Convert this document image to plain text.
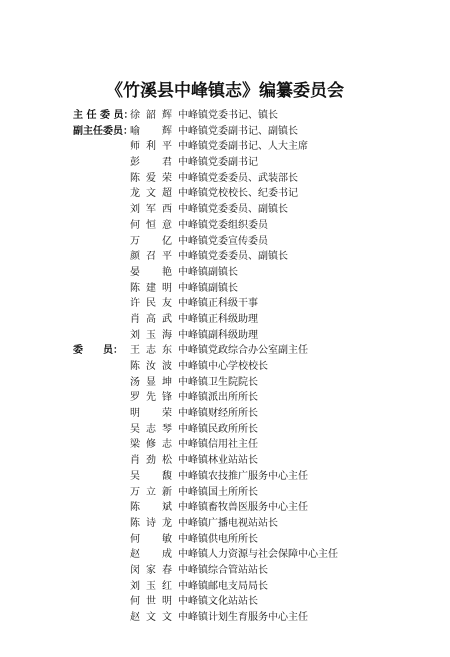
《竹溪县中峰镇志》编纂委员会
主 任 委 员：
徐韶辉 中峰镇党委书记、镇长
副主任委员：
喻 辉 中峰镇党委副书记、副镇长
师利平 中峰镇党委副书记、人大主席
彭 君 中峰镇党委副书记
陈爱荣 中峰镇党委委员、武装部长
龙文超 中峰镇党校校长、纪委书记
刘军西 中峰镇党委委员、副镇长
何恒意 中峰镇党委组织委员
万 亿 中峰镇党委宣传委员
颜召平 中峰镇党委委员、副镇长
晏 艳 中峰镇副镇长
陈建明 中峰镇副镇长
许民友 中峰镇正科级干事
肖高武 中峰镇正科级助理
刘玉海 中峰镇副科级助理
委　　员： 王志东 中峰镇党政综合办公室副主任
陈汝波 中峰镇中心学校校长
汤显坤 中峰镇卫生院院长
罗先锋 中峰镇派出所所长
明 荣 中峰镇财经所所长
吴志琴 中峰镇民政所所长
梁修志 中峰镇信用社主任
肖劲松 中峰镇林业站站长
吴 馥 中峰镇农技推广服务中心主任
万立新 中峰镇国土所所长
陈 斌 中峰镇畜牧兽医服务中心主任
陈诗龙 中峰镇广播电视站站长
何 敏 中峰镇供电所所长
赵 成 中峰镇人力资源与社会保障中心主任
闵家春 中峰镇综合管站站长
刘玉红 中峰镇邮电支局局长
何世明 中峰镇文化站站长
赵文文 中峰镇计划生育服务中心主任
